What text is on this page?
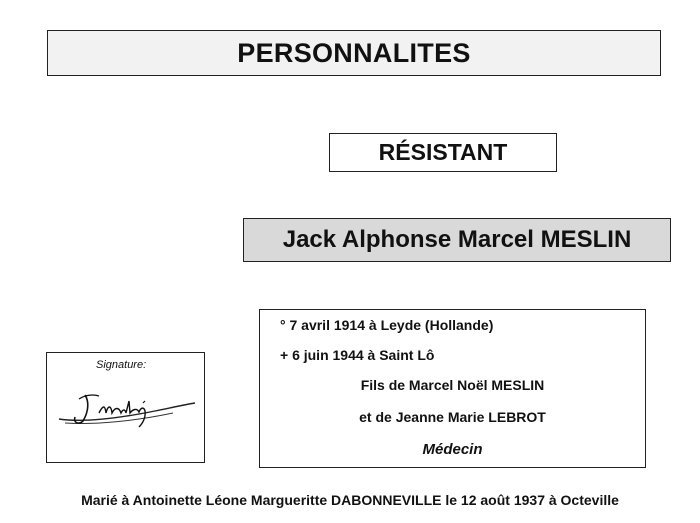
PERSONNALITES
RÉSISTANT
Jack Alphonse Marcel MESLIN
° 7 avril 1914 à Leyde (Hollande)
+ 6 juin 1944 à Saint Lô
Fils de Marcel Noël MESLIN
et de Jeanne Marie LEBROT
Médecin
Signature:
Marié à Antoinette Léone Margueritte DABONNEVILLE le 12 août 1937 à Octeville
